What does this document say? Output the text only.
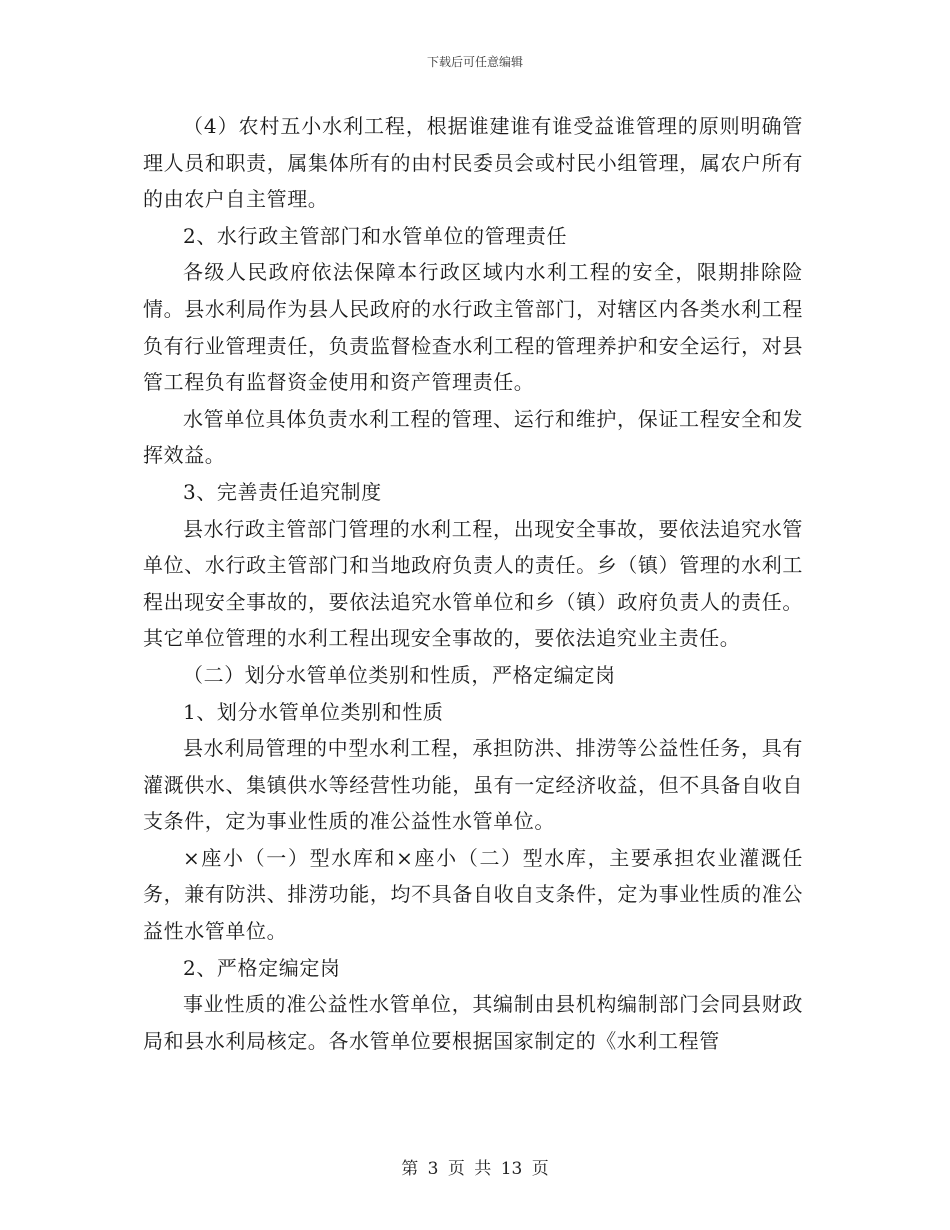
下载后可任意编辑

（4）农村五小水利工程，根据谁建谁有谁受益谁管理的原则明确管理人员和职责，属集体所有的由村民委员会或村民小组管理，属农户所有的由农户自主管理。

2、水行政主管部门和水管单位的管理责任

各级人民政府依法保障本行政区域内水利工程的安全，限期排除险情。县水利局作为县人民政府的水行政主管部门，对辖区内各类水利工程负有行业管理责任，负责监督检查水利工程的管理养护和安全运行，对县管工程负有监督资金使用和资产管理责任。

水管单位具体负责水利工程的管理、运行和维护，保证工程安全和发挥效益。

3、完善责任追究制度

县水行政主管部门管理的水利工程，出现安全事故，要依法追究水管单位、水行政主管部门和当地政府负责人的责任。乡（镇）管理的水利工程出现安全事故的，要依法追究水管单位和乡（镇）政府负责人的责任。其它单位管理的水利工程出现安全事故的，要依法追究业主责任。

（二）划分水管单位类别和性质，严格定编定岗

1、划分水管单位类别和性质

县水利局管理的中型水利工程，承担防洪、排涝等公益性任务，具有灌溉供水、集镇供水等经营性功能，虽有一定经济收益，但不具备自收自支条件，定为事业性质的准公益性水管单位。

×座小（一）型水库和×座小（二）型水库，主要承担农业灌溉任务，兼有防洪、排涝功能，均不具备自收自支条件，定为事业性质的准公益性水管单位。

2、严格定编定岗

事业性质的准公益性水管单位，其编制由县机构编制部门会同县财政局和县水利局核定。各水管单位要根据国家制定的《水利工程管

第 3 页 共 13 页
